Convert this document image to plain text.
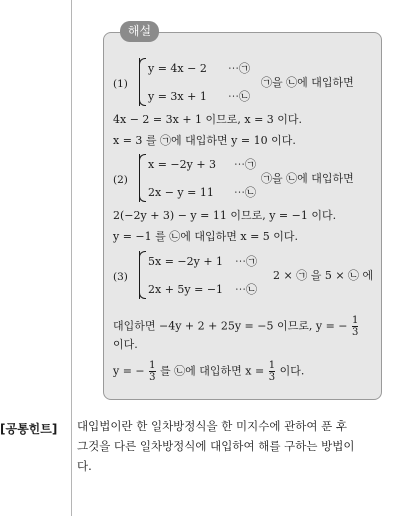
해설
(1)
y = 4x − 2 ⋯㉠
y = 3x + 1 ⋯㉡
㉠을 ㉡에 대입하면
4x − 2 = 3x + 1 이므로, x = 3 이다.
x = 3 를 ㉠에 대입하면 y = 10 이다.
(2)
x = −2y + 3 ⋯㉠
2x − y = 11 ⋯㉡
㉠을 ㉡에 대입하면
2(−2y + 3) − y = 11 이므로, y = −1 이다.
y = −1 를 ㉡에 대입하면 x = 5 이다.
(3)
5x = −2y + 1 ⋯㉠
2x + 5y = −1 ⋯㉡
2 × ㉠ 을 5 × ㉡ 에
대입하면 −4y + 2 + 25y = −5 이므로, y = − $\frac{1}{3}$
이다.
y = − $\frac{1}{3}$ 를 ㉡에 대입하면 $x = \frac{1}{3}$ 이다.
[공통힌트] 대입법이란 한 일차방정식을 한 미지수에 관하여 푼 후
그것을 다른 일차방정식에 대입하여 해를 구하는 방법이
다.
